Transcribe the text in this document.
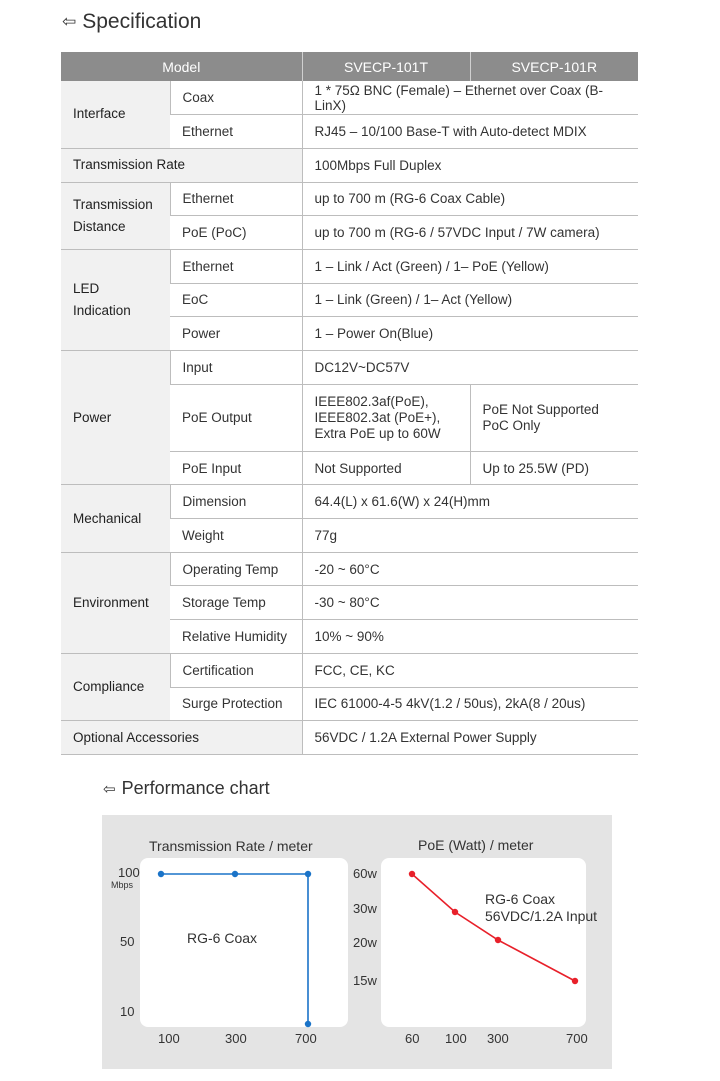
⇦ Specification
Model		SVECP-101T	SVECP-101R
Interface	Coax	1 * 75Ω BNC (Female) – Ethernet over Coax (B-LinX)	
	Ethernet	RJ45 – 10/100 Base-T with Auto-detect MDIX	
Transmission Rate		100Mbps Full Duplex	
Transmission
Distance	Ethernet	up to 700 m (RG-6 Coax Cable)	
	PoE (PoC)	up to 700 m (RG-6 / 57VDC Input / 7W camera)	
LED
Indication	Ethernet	1 – Link / Act (Green) / 1– PoE (Yellow)	
	EoC	1 – Link (Green) / 1– Act (Yellow)	
	Power	1 – Power On(Blue)	
Power	Input	DC12V~DC57V	
	PoE Output	IEEE802.3af(PoE),
IEEE802.3at (PoE+),
Extra PoE up to 60W	PoE Not Supported
PoC Only
	PoE Input	Not Supported	Up to 25.5W (PD)
Mechanical	Dimension	64.4(L) x 61.6(W) x 24(H)mm	
	Weight	77g	
Environment	Operating Temp	-20 ~ 60°C	
	Storage Temp	-30 ~ 80°C	
	Relative Humidity	10% ~ 90%	
Compliance	Certification	FCC, CE, KC	
	Surge Protection	IEC 61000-4-5 4kV(1.2 / 50us), 2kA(8 / 20us)	
Optional Accessories		56VDC / 1.2A External Power Supply	
⇦ Performance chart
Transmission Rate / meter	PoE (Watt) / meter
100
Mbps
50
10
100	300	700
RG-6 Coax
60w
30w
20w
15w
60 100 300	700
RG-6 Coax
56VDC/1.2A Input
